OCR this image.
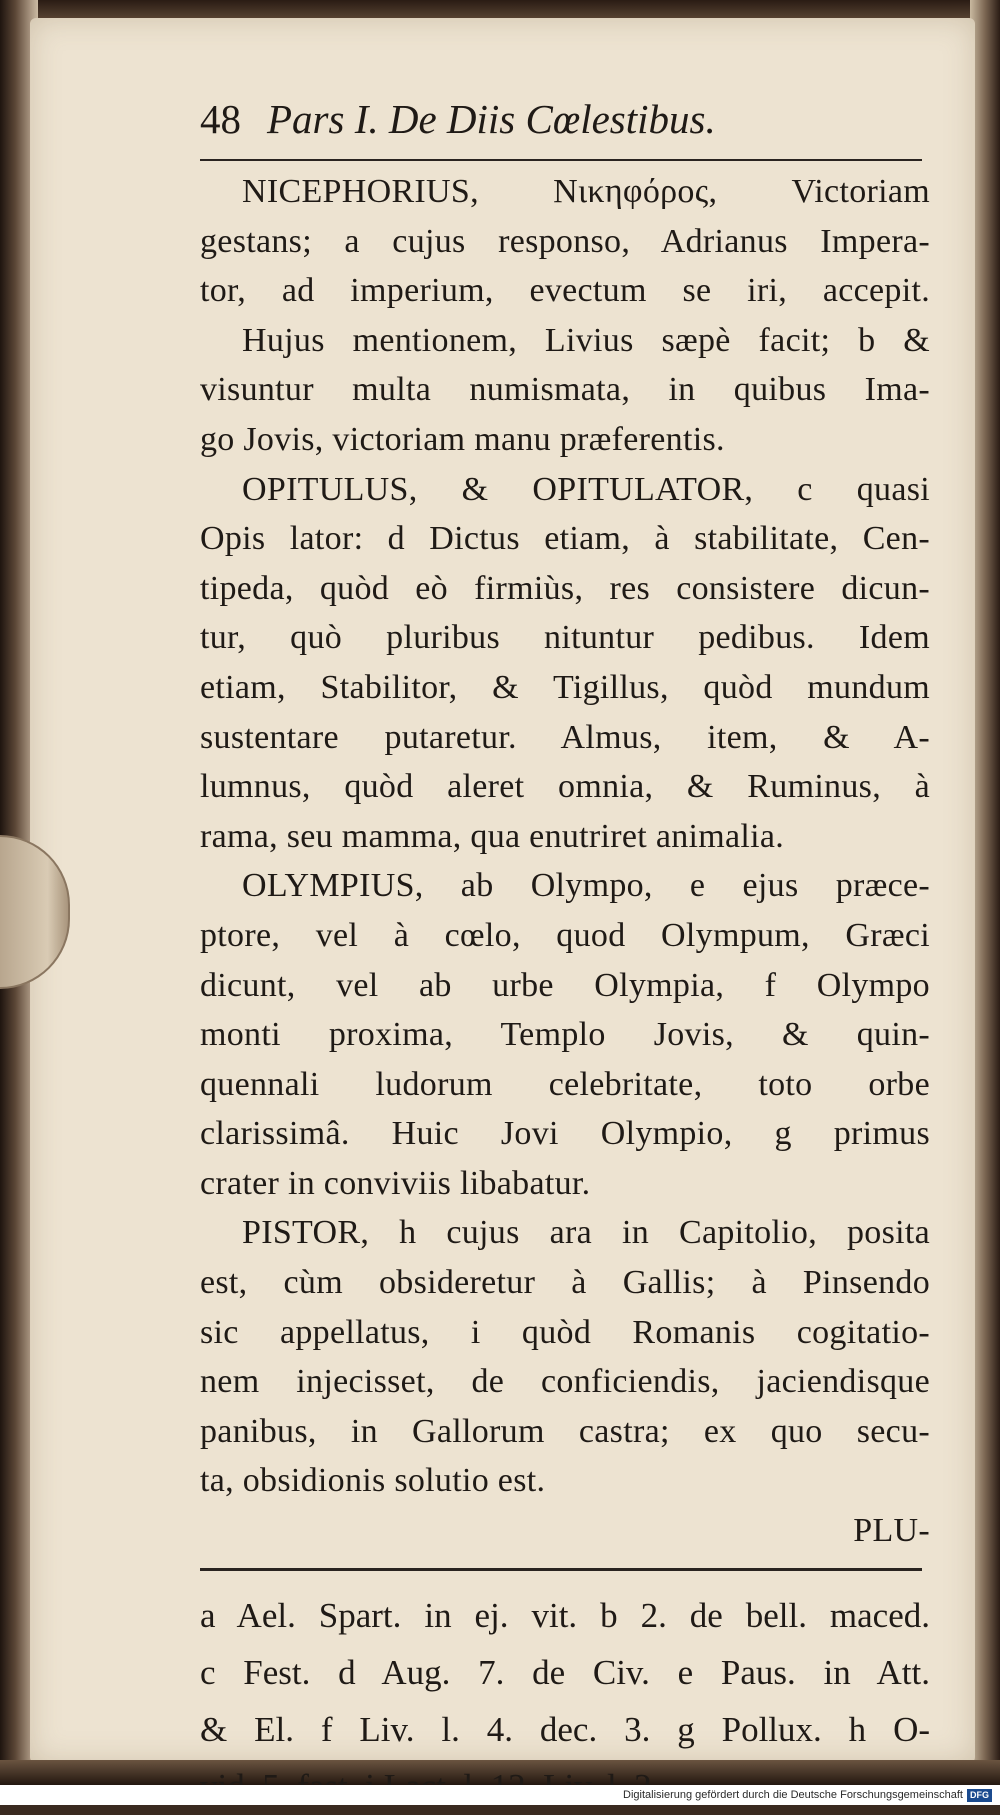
48 Pars I. De Diis Cœlestibus.
NICEPHORIUS, Νικηφόρος, Victoriam
gestans; a cujus responso, Adrianus Impera-
tor, ad imperium, evectum se iri, accepit.
Hujus mentionem, Livius sæpè facit; b &
visuntur multa numismata, in quibus Ima-
go Jovis, victoriam manu præferentis.
OPITULUS, & OPITULATOR, c quasi
Opis lator: d Dictus etiam, à stabilitate, Cen-
tipeda, quòd eò firmiùs, res consistere dicun-
tur, quò pluribus nituntur pedibus. Idem
etiam, Stabilitor, & Tigillus, quòd mundum
sustentare putaretur. Almus, item, & A-
lumnus, quòd aleret omnia, & Ruminus, à
rama, seu mamma, qua enutriret animalia.
OLYMPIUS, ab Olympo, e ejus præce-
ptore, vel à cœlo, quod Olympum, Græci
dicunt, vel ab urbe Olympia, f Olympo
monti proxima, Templo Jovis, & quin-
quennali ludorum celebritate, toto orbe
clarissimâ. Huic Jovi Olympio, g primus
crater in conviviis libabatur.
PISTOR, h cujus ara in Capitolio, posita
est, cùm obsideretur à Gallis; à Pinsendo
sic appellatus, i quòd Romanis cogitatio-
nem injecisset, de conficiendis, jaciendisque
panibus, in Gallorum castra; ex quo secu-
ta, obsidionis solutio est.
PLU-
a Ael. Spart. in ej. vit. b 2. de bell. maced.
c Fest. d Aug. 7. de Civ. e Paus. in Att.
& El. f Liv. l. 4. dec. 3. g Pollux. h O-
Digitalisierung gefördert durch die Deutsche Forschungsgemeinschaft DFG
